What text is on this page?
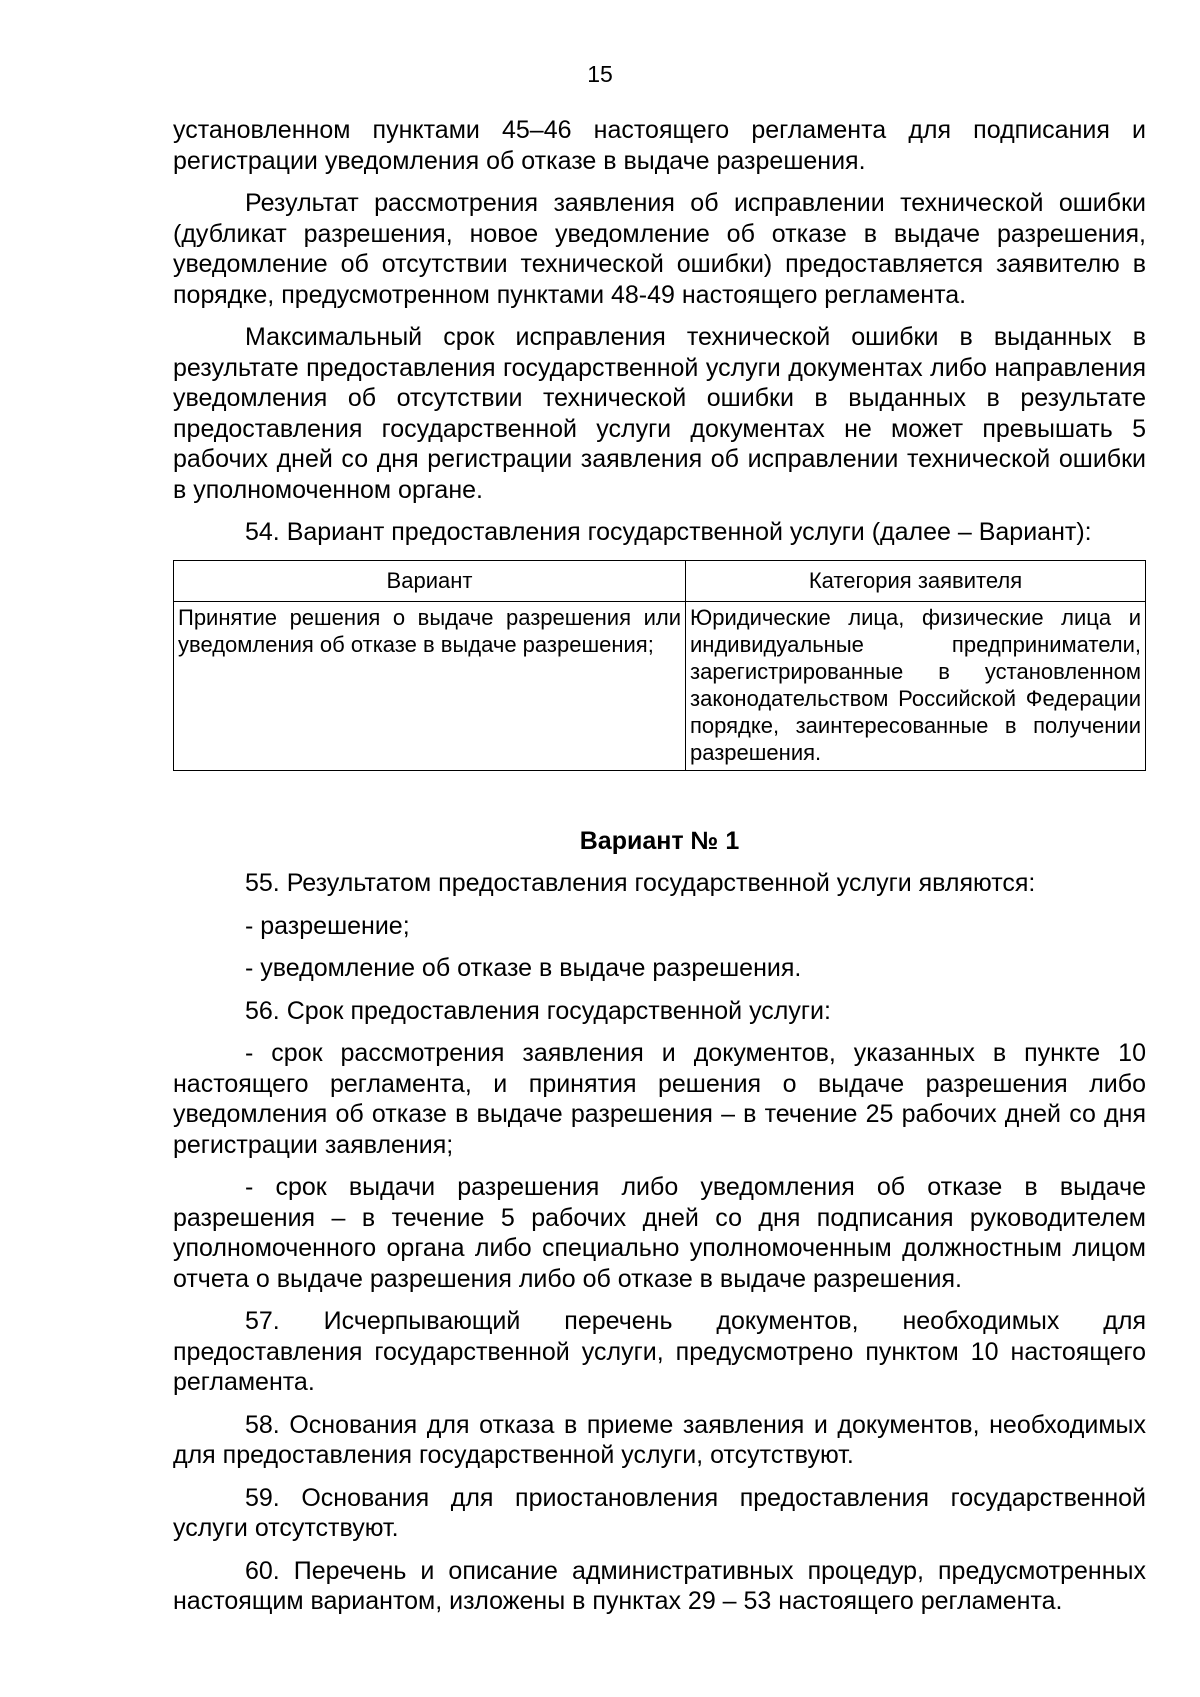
15

установленном пунктами 45–46 настоящего регламента для подписания и регистрации уведомления об отказе в выдаче разрешения.

Результат рассмотрения заявления об исправлении технической ошибки (дубликат разрешения, новое уведомление об отказе в выдаче разрешения, уведомление об отсутствии технической ошибки) предоставляется заявителю в порядке, предусмотренном пунктами 48-49 настоящего регламента.

Максимальный срок исправления технической ошибки в выданных в результате предоставления государственной услуги документах либо направления уведомления об отсутствии технической ошибки в выданных в результате предоставления государственной услуги документах не может превышать 5 рабочих дней со дня регистрации заявления об исправлении технической ошибки в уполномоченном органе.

54. Вариант предоставления государственной услуги (далее – Вариант):

Вариант	Категория заявителя
Принятие решения о выдаче разрешения или уведомления об отказе в выдаче разрешения;	Юридические лица, физические лица и индивидуальные предприниматели, зарегистрированные в установленном законодательством Российской Федерации порядке, заинтересованные в получении разрешения.
Вариант № 1

55. Результатом предоставления государственной услуги являются:

- разрешение;

- уведомление об отказе в выдаче разрешения.

56. Срок предоставления государственной услуги:

- срок рассмотрения заявления и документов, указанных в пункте 10 настоящего регламента, и принятия решения о выдаче разрешения либо уведомления об отказе в выдаче разрешения – в течение 25 рабочих дней со дня регистрации заявления;

- срок выдачи разрешения либо уведомления об отказе в выдаче разрешения – в течение 5 рабочих дней со дня подписания руководителем уполномоченного органа либо специально уполномоченным должностным лицом отчета о выдаче разрешения либо об отказе в выдаче разрешения.

57. Исчерпывающий перечень документов, необходимых для предоставления государственной услуги, предусмотрено пунктом 10 настоящего регламента.

58. Основания для отказа в приеме заявления и документов, необходимых для предоставления государственной услуги, отсутствуют.

59. Основания для приостановления предоставления государственной услуги отсутствуют.

60. Перечень и описание административных процедур, предусмотренных настоящим вариантом, изложены в пунктах 29 – 53 настоящего регламента.
